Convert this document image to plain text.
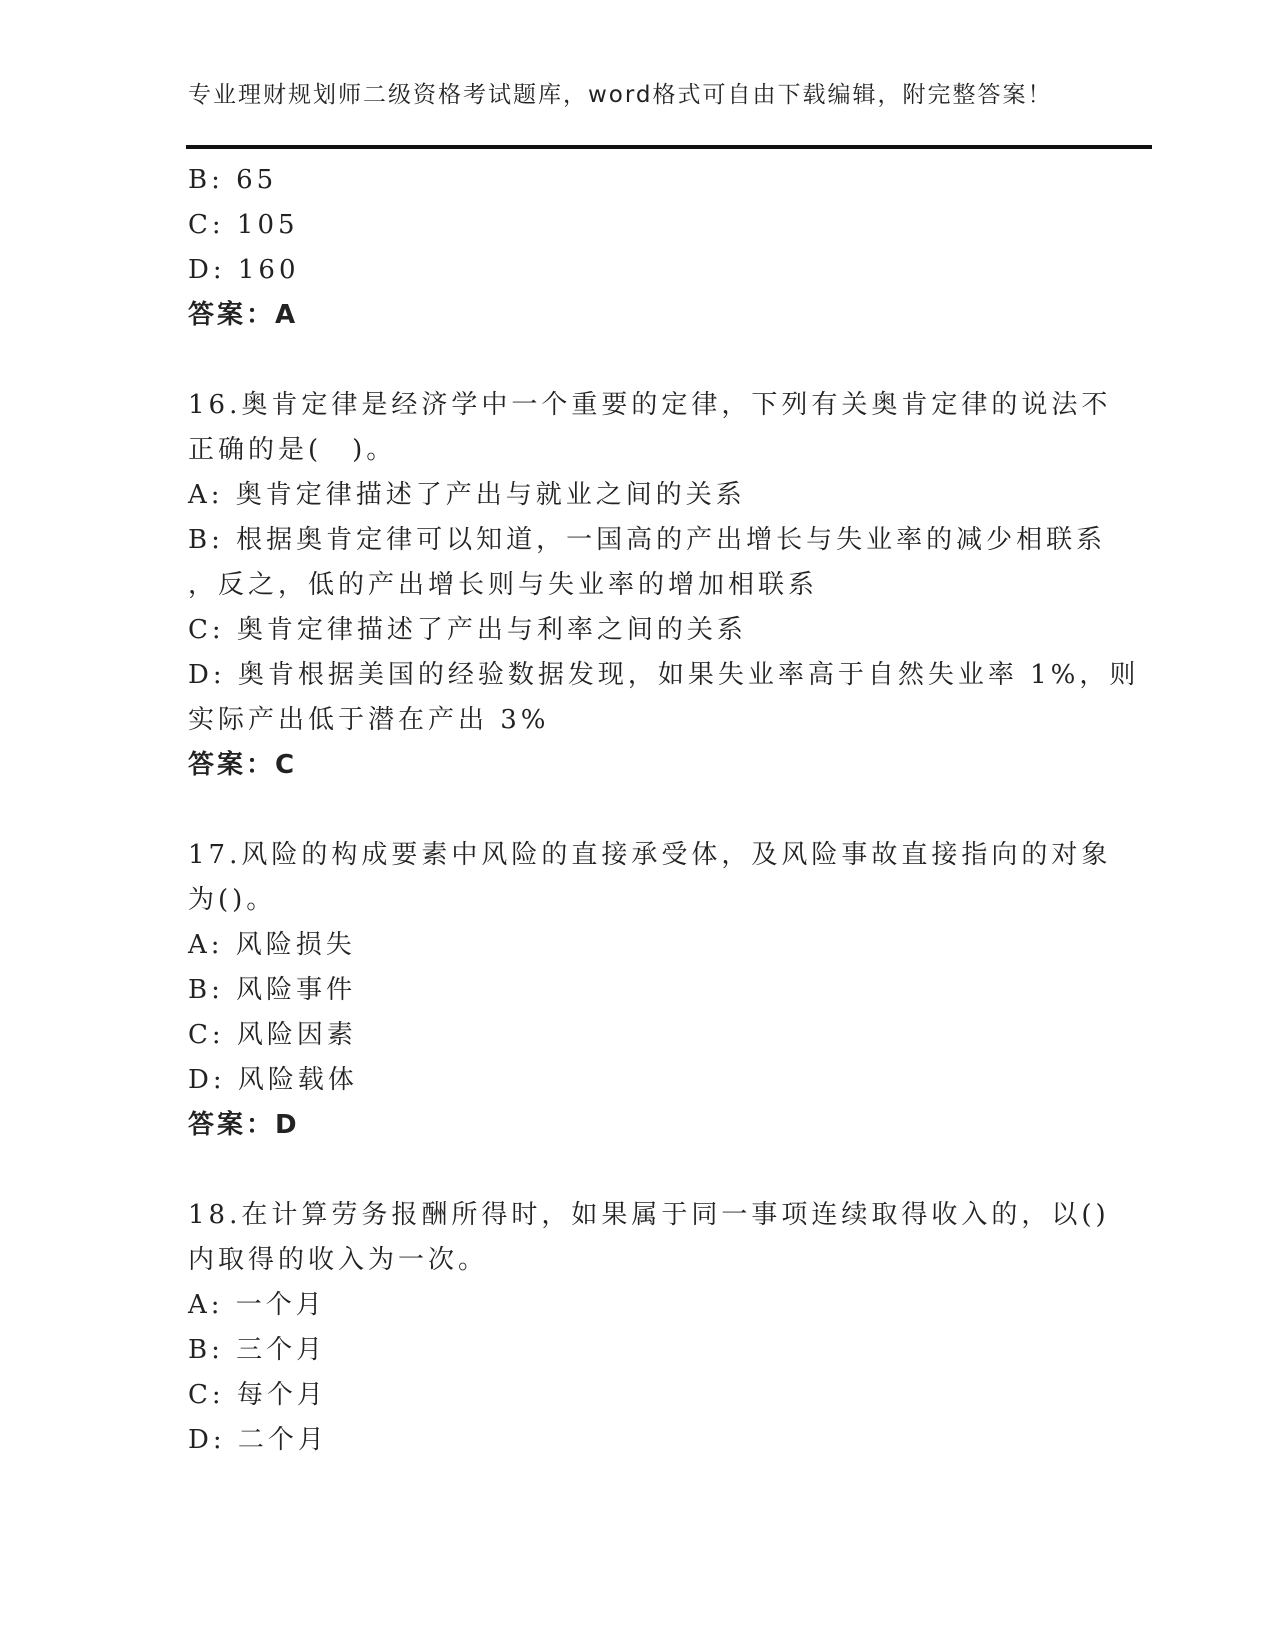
专业理财规划师二级资格考试题库，word格式可自由下载编辑，附完整答案！
B: 65
C: 105
D: 160
答案：A
16.奥肯定律是经济学中一个重要的定律，下列有关奥肯定律的说法不
正确的是(　)。
A: 奥肯定律描述了产出与就业之间的关系
B: 根据奥肯定律可以知道，一国高的产出增长与失业率的减少相联系
，反之，低的产出增长则与失业率的增加相联系
C: 奥肯定律描述了产出与利率之间的关系
D: 奥肯根据美国的经验数据发现，如果失业率高于自然失业率 1%，则
实际产出低于潜在产出 3%
答案：C
17.风险的构成要素中风险的直接承受体，及风险事故直接指向的对象
为()。
A: 风险损失
B: 风险事件
C: 风险因素
D: 风险载体
答案：D
18.在计算劳务报酬所得时，如果属于同一事项连续取得收入的，以()
内取得的收入为一次。
A: 一个月
B: 三个月
C: 每个月
D: 二个月
